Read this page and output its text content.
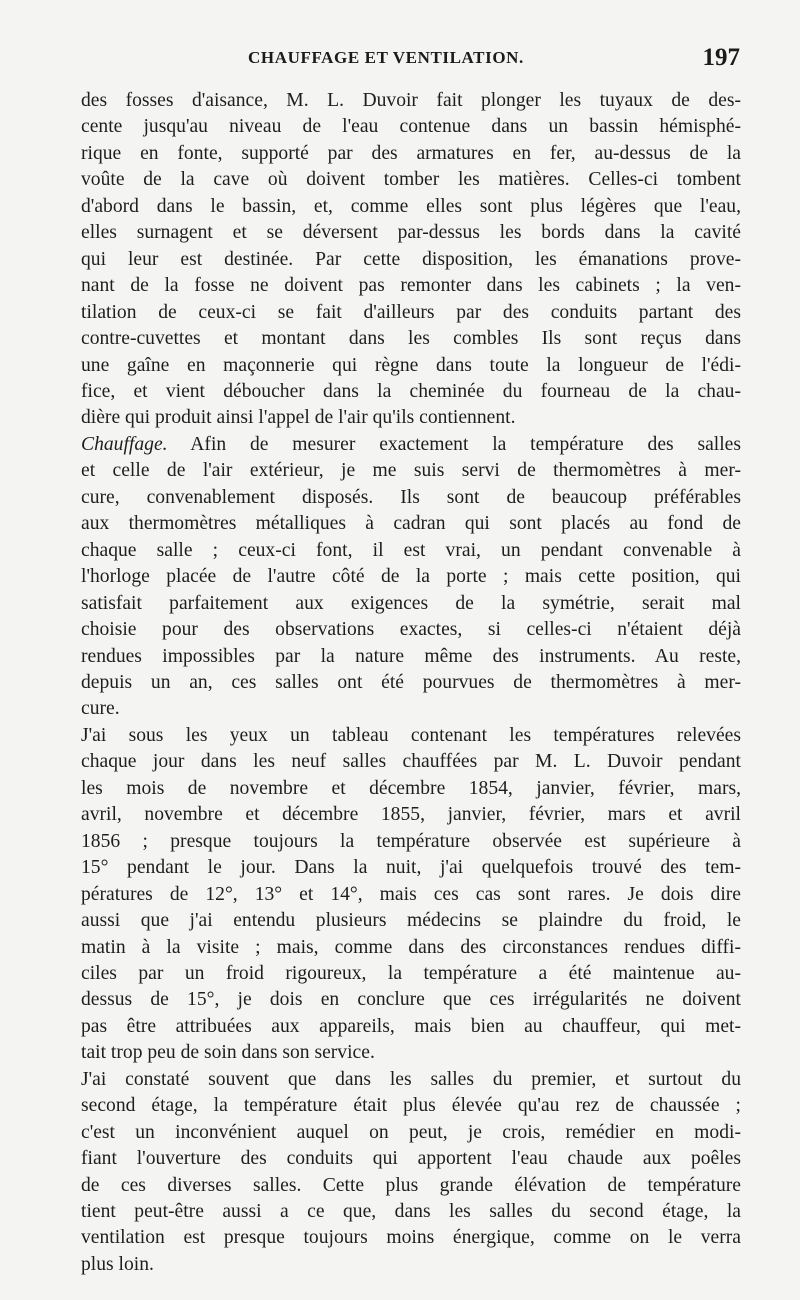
CHAUFFAGE ET VENTILATION.	197
des fosses d'aisance, M. L. Duvoir fait plonger les tuyaux de des-
cente jusqu'au niveau de l'eau contenue dans un bassin hémisphé-
rique en fonte, supporté par des armatures en fer, au-dessus de la
voûte de la cave où doivent tomber les matières. Celles-ci tombent
d'abord dans le bassin, et, comme elles sont plus légères que l'eau,
elles surnagent et se déversent par-dessus les bords dans la cavité
qui leur est destinée. Par cette disposition, les émanations prove-
nant de la fosse ne doivent pas remonter dans les cabinets ; la ven-
tilation de ceux-ci se fait d'ailleurs par des conduits partant des
contre-cuvettes et montant dans les combles Ils sont reçus dans
une gaîne en maçonnerie qui règne dans toute la longueur de l'édi-
fice, et vient déboucher dans la cheminée du fourneau de la chau-
dière qui produit ainsi l'appel de l'air qu'ils contiennent.
Chauffage. Afin de mesurer exactement la température des salles
et celle de l'air extérieur, je me suis servi de thermomètres à mer-
cure, convenablement disposés. Ils sont de beaucoup préférables
aux thermomètres métalliques à cadran qui sont placés au fond de
chaque salle ; ceux-ci font, il est vrai, un pendant convenable à
l'horloge placée de l'autre côté de la porte ; mais cette position, qui
satisfait parfaitement aux exigences de la symétrie, serait mal
choisie pour des observations exactes, si celles-ci n'étaient déjà
rendues impossibles par la nature même des instruments. Au reste,
depuis un an, ces salles ont été pourvues de thermomètres à mer-
cure.
J'ai sous les yeux un tableau contenant les températures relevées
chaque jour dans les neuf salles chauffées par M. L. Duvoir pendant
les mois de novembre et décembre 1854, janvier, février, mars,
avril, novembre et décembre 1855, janvier, février, mars et avril
1856 ; presque toujours la température observée est supérieure à
15° pendant le jour. Dans la nuit, j'ai quelquefois trouvé des tem-
pératures de 12°, 13° et 14°, mais ces cas sont rares. Je dois dire
aussi que j'ai entendu plusieurs médecins se plaindre du froid, le
matin à la visite ; mais, comme dans des circonstances rendues diffi-
ciles par un froid rigoureux, la température a été maintenue au-
dessus de 15°, je dois en conclure que ces irrégularités ne doivent
pas être attribuées aux appareils, mais bien au chauffeur, qui met-
tait trop peu de soin dans son service.
J'ai constaté souvent que dans les salles du premier, et surtout du
second étage, la température était plus élevée qu'au rez de chaussée ;
c'est un inconvénient auquel on peut, je crois, remédier en modi-
fiant l'ouverture des conduits qui apportent l'eau chaude aux poêles
de ces diverses salles. Cette plus grande élévation de température
tient peut-être aussi a ce que, dans les salles du second étage, la
ventilation est presque toujours moins énergique, comme on le verra
plus loin.
